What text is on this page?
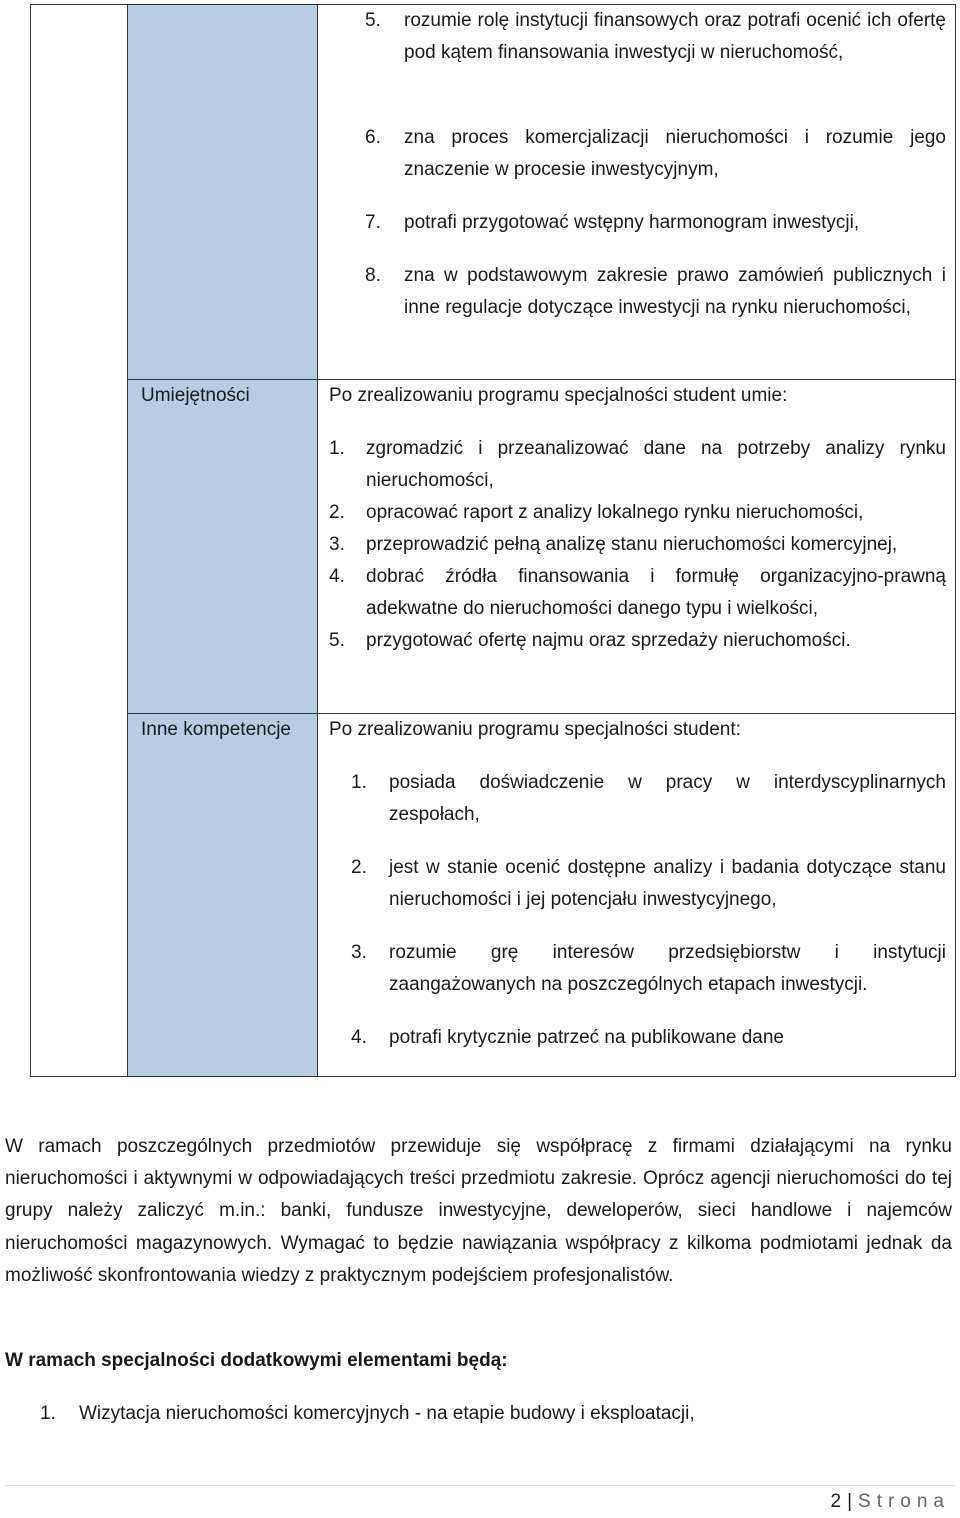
5. rozumie rolę instytucji finansowych oraz potrafi ocenić ich ofertę pod kątem finansowania inwestycji w nieruchomość,
6. zna proces komercjalizacji nieruchomości i rozumie jego znaczenie w procesie inwestycyjnym,
7. potrafi przygotować wstępny harmonogram inwestycji,
8. zna w podstawowym zakresie prawo zamówień publicznych i inne regulacje dotyczące inwestycji na rynku nieruchomości,
Umiejętności	Po zrealizowaniu programu specjalności student umie:
1. zgromadzić i przeanalizować dane na potrzeby analizy rynku nieruchomości,
2. opracować raport z analizy lokalnego rynku nieruchomości,
3. przeprowadzić pełną analizę stanu nieruchomości komercyjnej,
4. dobrać źródła finansowania i formułę organizacyjno-prawną adekwatne do nieruchomości danego typu i wielkości,
5. przygotować ofertę najmu oraz sprzedaży nieruchomości.
Inne kompetencje Po zrealizowaniu programu specjalności student:
1. posiada doświadczenie w pracy w interdyscyplinarnych zespołach,
2. jest w stanie ocenić dostępne analizy i badania dotyczące stanu nieruchomości i jej potencjału inwestycyjnego,
3. rozumie grę interesów przedsiębiorstw i instytucji zaangażowanych na poszczególnych etapach inwestycji.
4. potrafi krytycznie patrzeć na publikowane dane
W ramach poszczególnych przedmiotów przewiduje się współpracę z firmami działającymi na rynku nieruchomości i aktywnymi w odpowiadających treści przedmiotu zakresie. Oprócz agencji nieruchomości do tej grupy należy zaliczyć m.in.: banki, fundusze inwestycyjne, deweloperów, sieci handlowe i najemców nieruchomości magazynowych. Wymagać to będzie nawiązania współpracy z kilkoma podmiotami jednak da możliwość skonfrontowania wiedzy z praktycznym podejściem profesjonalistów.
W ramach specjalności dodatkowymi elementami będą:
1. Wizytacja nieruchomości komercyjnych - na etapie budowy i eksploatacji,
2 | Strona
